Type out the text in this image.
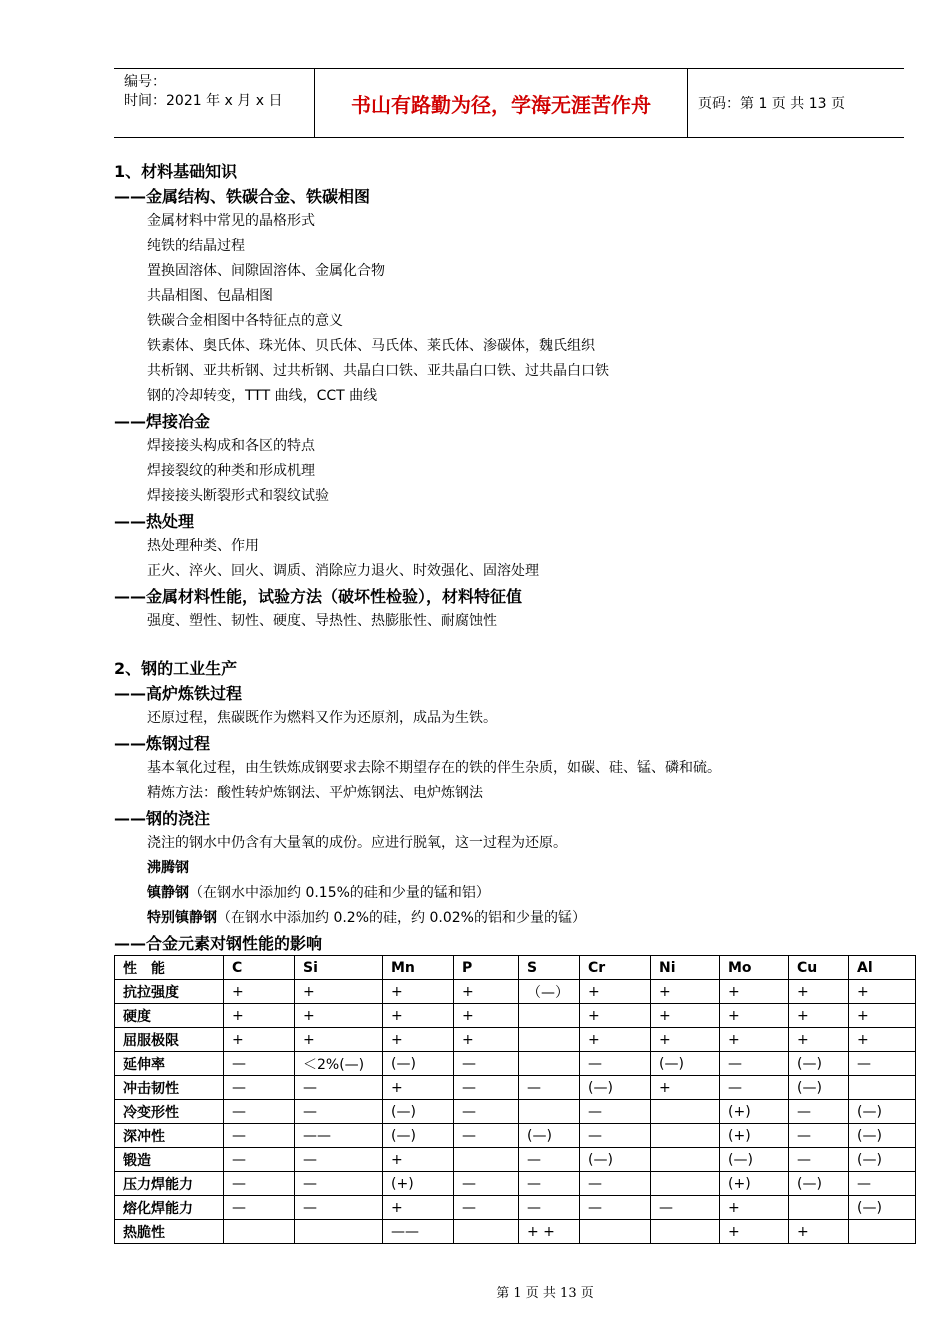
编号：
时间：2021 年 x 月 x 日	书山有路勤为径，学海无涯苦作舟	页码：第 1 页 共 13 页
1、材料基础知识
——金属结构、铁碳合金、铁碳相图
金属材料中常见的晶格形式
纯铁的结晶过程
置换固溶体、间隙固溶体、金属化合物
共晶相图、包晶相图
铁碳合金相图中各特征点的意义
铁素体、奥氏体、珠光体、贝氏体、马氏体、莱氏体、渗碳体，魏氏组织
共析钢、亚共析钢、过共析钢、共晶白口铁、亚共晶白口铁、过共晶白口铁
钢的冷却转变，TTT 曲线，CCT 曲线
——焊接冶金
焊接接头构成和各区的特点
焊接裂纹的种类和形成机理
焊接接头断裂形式和裂纹试验
——热处理
热处理种类、作用
正火、淬火、回火、调质、消除应力退火、时效强化、固溶处理
——金属材料性能，试验方法（破坏性检验），材料特征值
强度、塑性、韧性、硬度、导热性、热膨胀性、耐腐蚀性
2、钢的工业生产
——高炉炼铁过程
还原过程，焦碳既作为燃料又作为还原剂，成品为生铁。
——炼钢过程
基本氧化过程，由生铁炼成钢要求去除不期望存在的铁的伴生杂质，如碳、硅、锰、磷和硫。
精炼方法：酸性转炉炼钢法、平炉炼钢法、电炉炼钢法
——钢的浇注
浇注的钢水中仍含有大量氧的成份。应进行脱氧，这一过程为还原。
沸腾钢
镇静钢（在钢水中添加约 0.15%的硅和少量的锰和铝）
特别镇静钢（在钢水中添加约 0.2%的硅，约 0.02%的铝和少量的锰）
——合金元素对钢性能的影响
性　能	C	Si	Mn	P	S	Cr	Ni	Mo	Cu	Al
抗拉强度	+	+	+	+	（—）	+	+	+	+	+
硬度	+	+	+	+		+	+	+	+	+
屈服极限	+	+	+	+		+	+	+	+	+
延伸率	—	＜2%(—)	(—)	—		—	(—)	—	(—)	—
冲击韧性	—	—	+	—	—	(—)	+	—	(—)	
冷变形性	—	—	(—)	—		—		(+)	—	(—)
深冲性	—	——	(—)	—	(—)	—		(+)	—	(—)
锻造	—	—	+		—	(—)		(—)	—	(—)
压力焊能力	—	—	(+)	—	—	—		(+)	(—)	—
熔化焊能力	—	—	+	—	—	—	—	+		(—)
热脆性			——		+ +			+	+	
第 1 页 共 13 页
